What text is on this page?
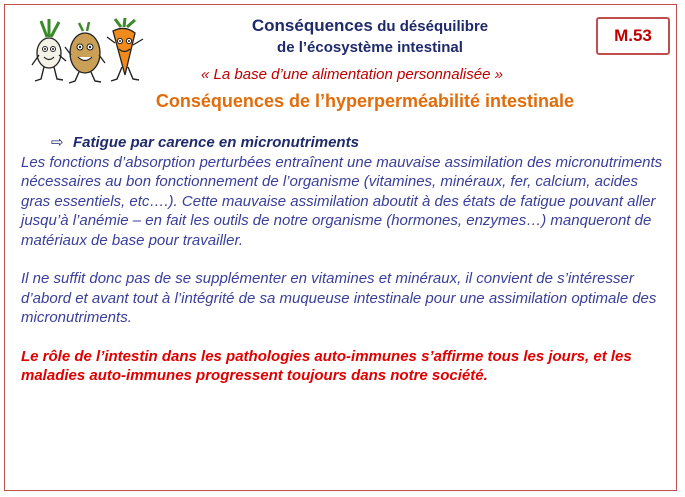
Conséquences du déséquilibre
de l’écosystème intestinal
M.53
« La base d’une alimentation personnalisée »
Conséquences de l’hyperperméabilité intestinale
⇨ Fatigue par carence en micronutriments

Les fonctions d’absorption perturbées entraînent une mauvaise assimilation des micronutriments nécessaires au bon fonctionnement de l’organisme (vitamines, minéraux, fer, calcium, acides gras essentiels, etc….). Cette mauvaise assimilation aboutit à des états de fatigue pouvant aller jusqu’à l’anémie – en fait les outils de notre organisme (hormones, enzymes…) manqueront de matériaux de base pour travailler.

Il ne suffit donc pas de se supplémenter en vitamines et minéraux, il convient de s’intéresser d’abord et avant tout à l’intégrité de sa muqueuse intestinale pour une assimilation optimale des micronutriments.

Le rôle de l’intestin dans les pathologies auto-immunes s’affirme tous les jours, et les maladies auto-immunes progressent toujours dans notre société.
